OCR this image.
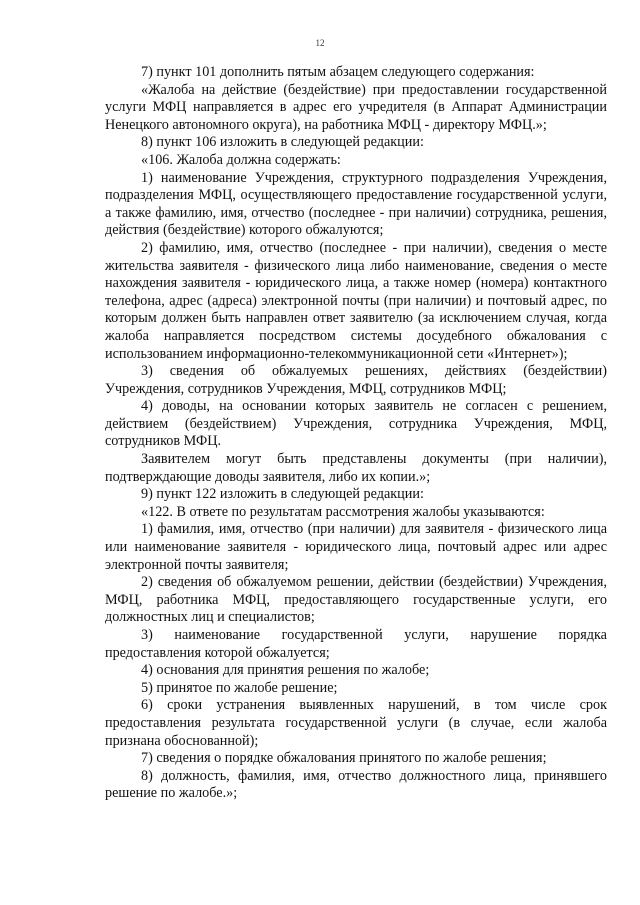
12

7) пункт 101 дополнить пятым абзацем следующего содержания:

«Жалоба на действие (бездействие) при предоставлении государственной услуги МФЦ направляется в адрес его учредителя (в Аппарат Администрации Ненецкого автономного округа), на работника МФЦ - директору МФЦ.»;

8) пункт 106 изложить в следующей редакции:

«106. Жалоба должна содержать:

1) наименование Учреждения, структурного подразделения Учреждения, подразделения МФЦ, осуществляющего предоставление государственной услуги, а также фамилию, имя, отчество (последнее - при наличии) сотрудника, решения, действия (бездействие) которого обжалуются;

2) фамилию, имя, отчество (последнее - при наличии), сведения о месте жительства заявителя - физического лица либо наименование, сведения о месте нахождения заявителя - юридического лица, а также номер (номера) контактного телефона, адрес (адреса) электронной почты (при наличии) и почтовый адрес, по которым должен быть направлен ответ заявителю (за исключением случая, когда жалоба направляется посредством системы досудебного обжалования с использованием информационно-телекоммуникационной сети «Интернет»);

3) сведения об обжалуемых решениях, действиях (бездействии) Учреждения, сотрудников Учреждения, МФЦ, сотрудников МФЦ;

4) доводы, на основании которых заявитель не согласен с решением, действием (бездействием) Учреждения, сотрудника Учреждения, МФЦ, сотрудников МФЦ.

Заявителем могут быть представлены документы (при наличии), подтверждающие доводы заявителя, либо их копии.»;

9) пункт 122 изложить в следующей редакции:

«122. В ответе по результатам рассмотрения жалобы указываются:

1) фамилия, имя, отчество (при наличии) для заявителя - физического лица или наименование заявителя - юридического лица, почтовый адрес или адрес электронной почты заявителя;

2) сведения об обжалуемом решении, действии (бездействии) Учреждения, МФЦ, работника МФЦ, предоставляющего государственные услуги, его должностных лиц и специалистов;

3) наименование государственной услуги, нарушение порядка предоставления которой обжалуется;

4) основания для принятия решения по жалобе;

5) принятое по жалобе решение;

6) сроки устранения выявленных нарушений, в том числе срок предоставления результата государственной услуги (в случае, если жалоба признана обоснованной);

7) сведения о порядке обжалования принятого по жалобе решения;

8) должность, фамилия, имя, отчество должностного лица, принявшего решение по жалобе.»;
